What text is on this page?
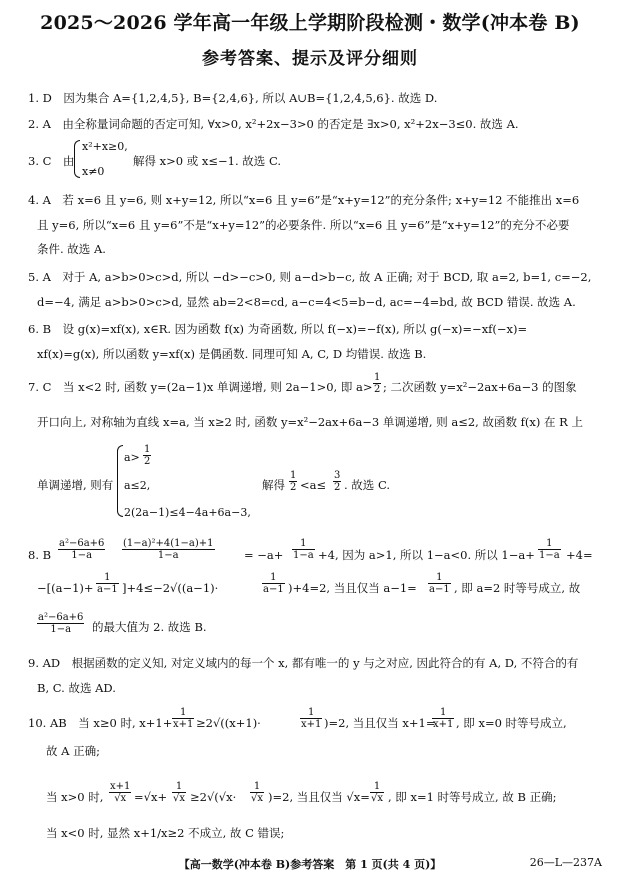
2025～2026 学年高一年级上学期阶段检测・数学(冲本卷 B)
参考答案、提示及评分细则
1. D　因为集合 A={1,2,4,5}, B={2,4,6}, 所以 A∪B={1,2,4,5,6}. 故选 D.
2. A　由全称量词命题的否定可知, ∀x>0, x²+2x−3>0 的否定是 ∃x>0, x²+2x−3≤0. 故选 A.
3. C　由
x²+x≥0,
x≠0
解得 x>0 或 x≤−1. 故选 C.
4. A　若 x=6 且 y=6, 则 x+y=12, 所以“x=6 且 y=6”是“x+y=12”的充分条件; x+y=12 不能推出 x=6
且 y=6, 所以“x=6 且 y=6”不是“x+y=12”的必要条件. 所以“x=6 且 y=6”是“x+y=12”的充分不必要
条件. 故选 A.
5. A　对于 A, a>b>0>c>d, 所以 −d>−c>0, 则 a−d>b−c, 故 A 正确; 对于 BCD, 取 a=2, b=1, c=−2,
d=−4, 满足 a>b>0>c>d, 显然 ab=2<8=cd, a−c=4<5=b−d, ac=−4=bd, 故 BCD 错误. 故选 A.
6. B　设 g(x)=xf(x), x∈R. 因为函数 f(x) 为奇函数, 所以 f(−x)=−f(x), 所以 g(−x)=−xf(−x)=
xf(x)=g(x), 所以函数 y=xf(x) 是偶函数. 同理可知 A, C, D 均错误. 故选 B.
7. C　当 x<2 时, 函数 y=(2a−1)x 单调递增, 则 2a−1>0, 即 $a> \frac{1}{2}$ ; 二次函数 y=x²−2ax+6a−3 的图象
开口向上, 对称轴为直线 x=a, 当 x≥2 时, 函数 y=x²−2ax+6a−3 单调递增, 则 a≤2, 故函数 f(x) 在 R 上
单调递增, 则有
$a> \frac{1}{2}$
a≤2,
2(2a−1)≤4−4a+6a−3,
解得 $\frac{1}{2} <a\le \frac{3}{2}$ . 故选 C.
8. B $\frac{\text{a²−6a+6}}{1-a} \frac{\text{(1−a)²+4(1−a)+1}}{1-a}$	= $-a+ \frac{1}{1-a} +4$, 因为 a>1, 所以 1−a<0. 所以 $1-a+ \frac{1}{1-a} +4=$
$-[(a-1)+ \frac{1}{a-1} ]+4\le-2√((a-1)\cdot$	$\frac{1}{a-1} )+4=2$, 当且仅当 $a-1= \frac{1}{a-1}$ , 即 a=2 时等号成立, 故
$\frac{\text{a²−6a+6}}{1-a}$ 的最大值为 2. 故选 B.
9. AD　根据函数的定义知, 对定义域内的每一个 x, 都有唯一的 y 与之对应, 因此符合的有 A, D, 不符合的有
B, C. 故选 AD.
10. AB　当 x≥0 时, $x+1+ \frac{1}{x+1} \ge 2√((x+1)\cdot$	$\frac{1}{x+1} )=2$, 当且仅当 x+1=
$\frac{1}{x+1}$ , 即 x=0 时等号成立,
故 A 正确;
当 x>0 时, $\frac{x+1}{√x} =√x+ \frac{1}{√x} \ge 2√(√x\cdot \frac{1}{√x} )=2$, 当且仅当 $√x= \frac{1}{√x}$ , 即 x=1 时等号成立, 故 B 正确;
当 x<0 时, 显然 x+1/x≥2 不成立, 故 C 错误;
【高一数学(冲本卷 B)参考答案　第 1 页(共 4 页)】	26—L—237A
